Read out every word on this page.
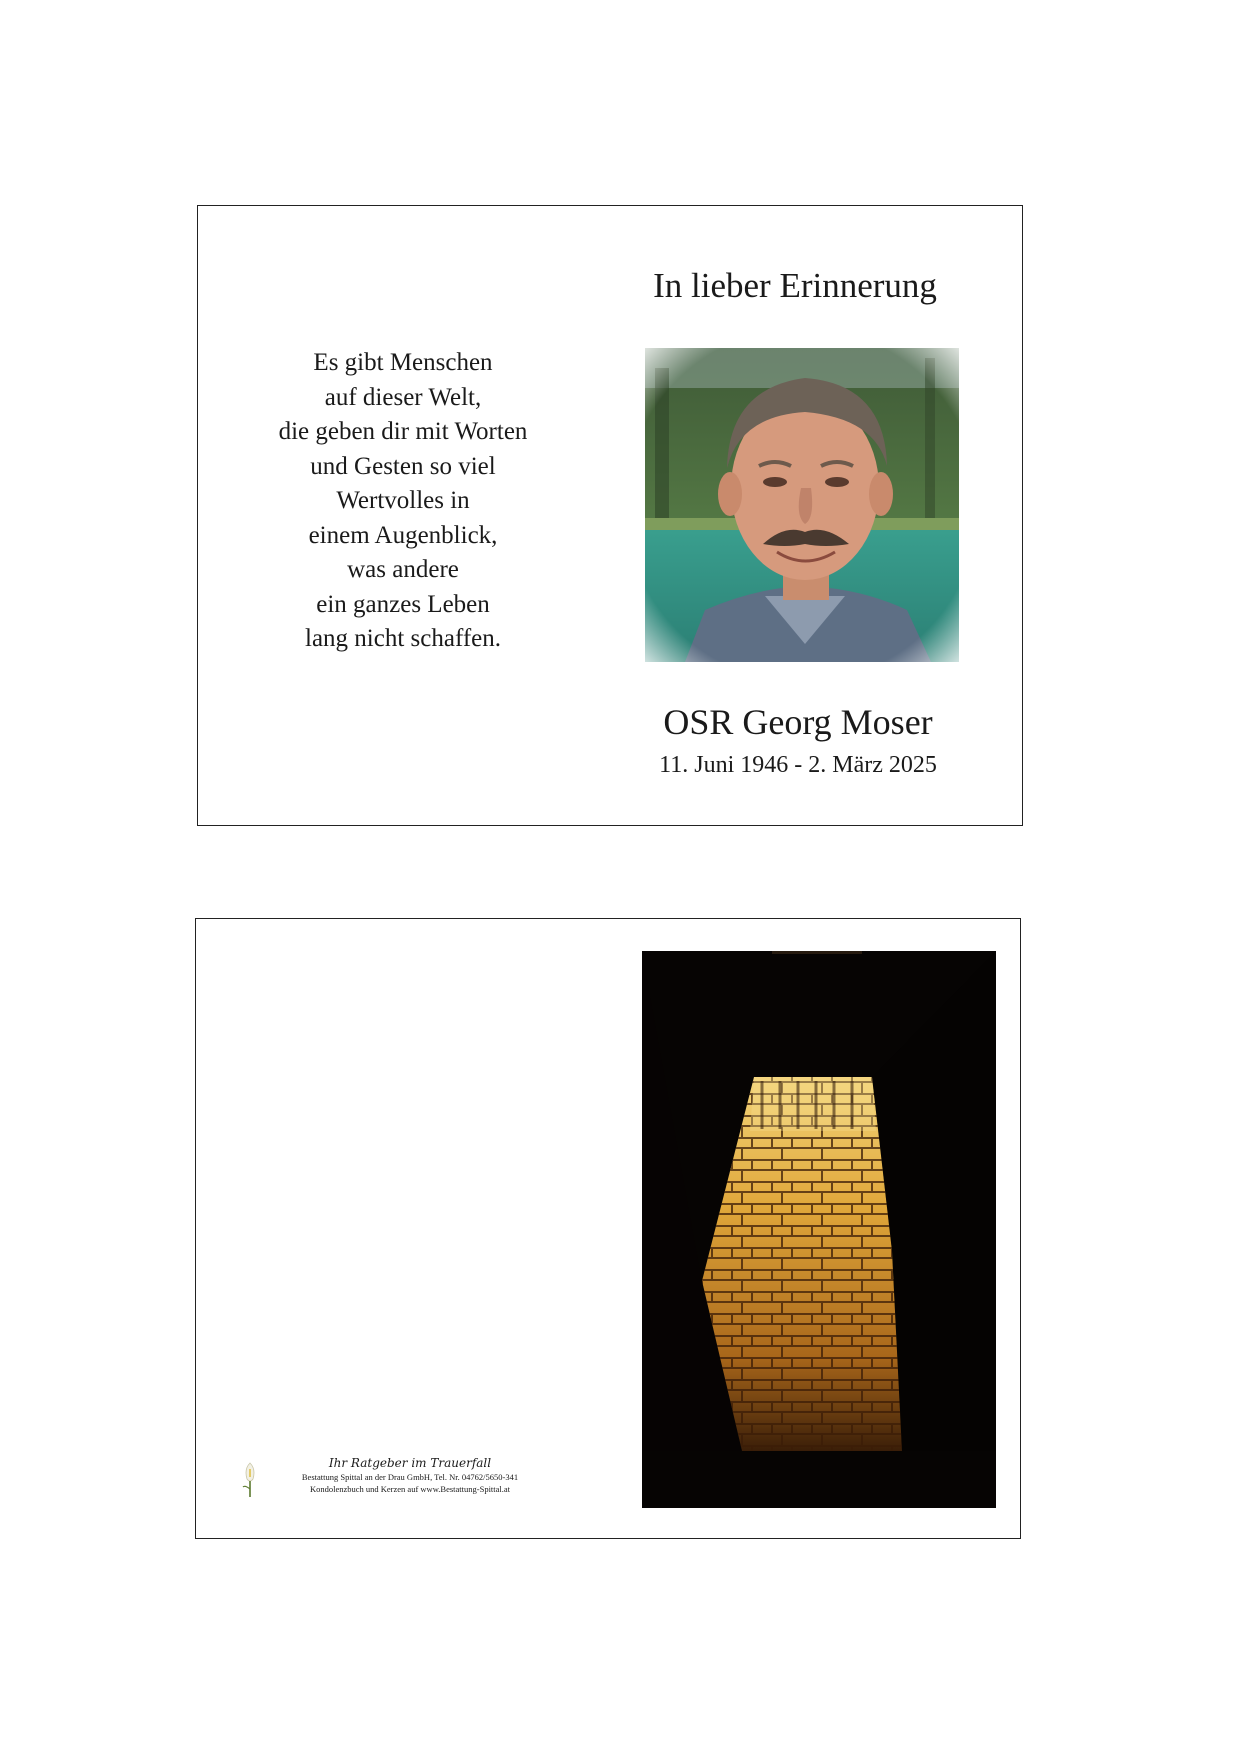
In lieber Erinnerung
Es gibt Menschen
auf dieser Welt,
die geben dir mit Worten
und Gesten so viel
Wertvolles in
einem Augenblick,
was andere
ein ganzes Leben
lang nicht schaffen.
OSR Georg Moser
11. Juni 1946 - 2. März 2025
Ihr Ratgeber im Trauerfall
Bestattung Spittal an der Drau GmbH, Tel. Nr. 04762/5650-341
Kondolenzbuch und Kerzen auf www.Bestattung-Spittal.at
